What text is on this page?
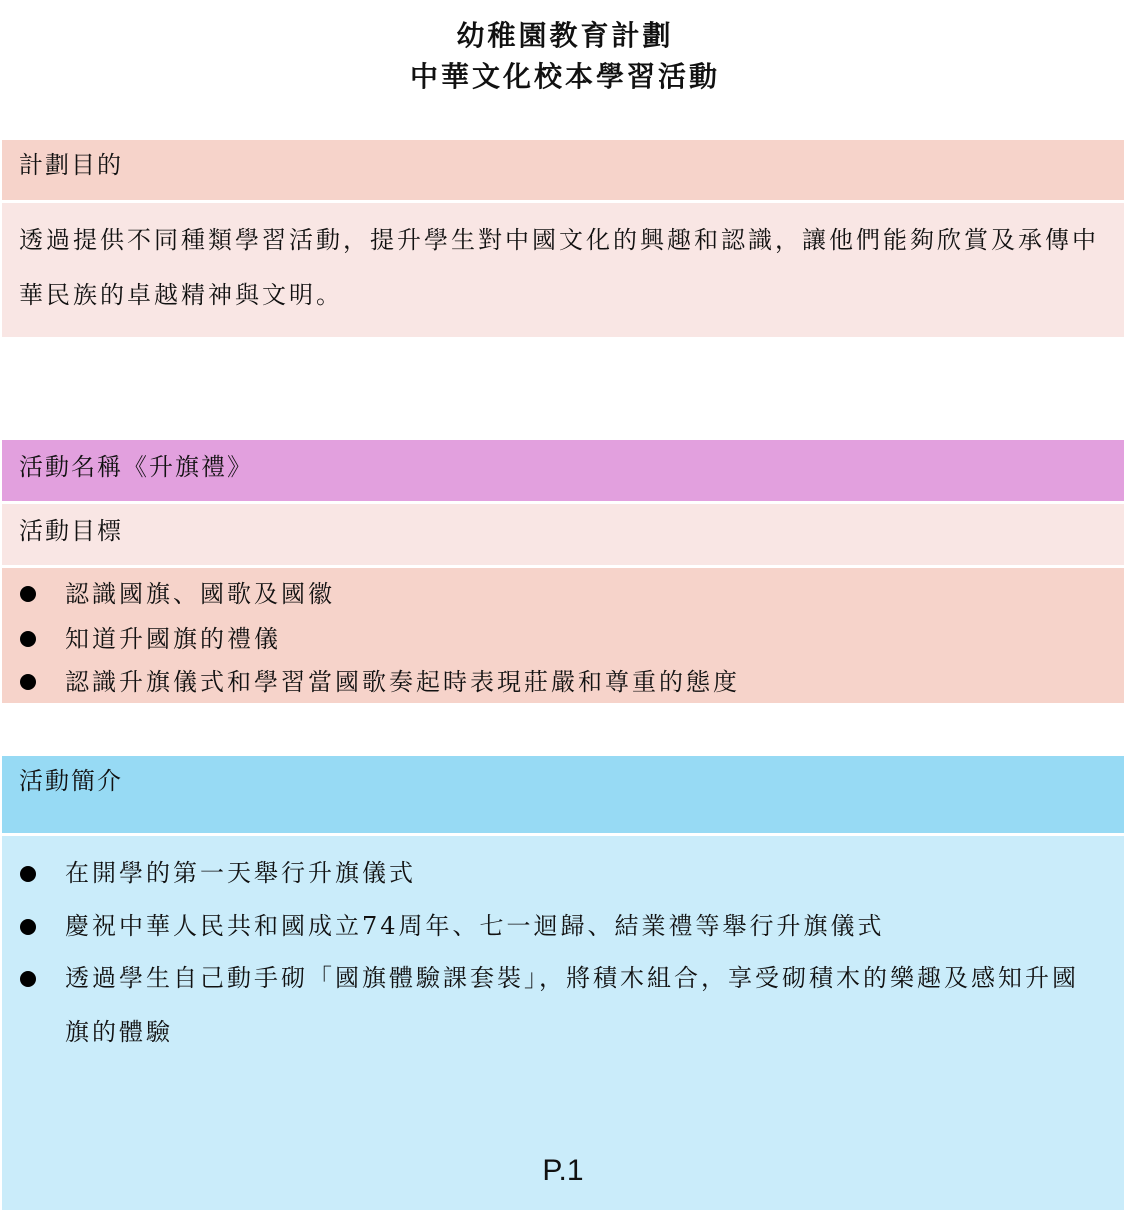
幼稚園教育計劃
中華文化校本學習活動
計劃目的
透過提供不同種類學習活動，提升學生對中國文化的興趣和認識，讓他們能夠欣賞及承傳中華民族的卓越精神與文明。
活動名稱《升旗禮》
活動目標
認識國旗、國歌及國徽
知道升國旗的禮儀
認識升旗儀式和學習當國歌奏起時表現莊嚴和尊重的態度
活動簡介
在開學的第一天舉行升旗儀式
慶祝中華人民共和國成立74周年、七一迴歸、結業禮等舉行升旗儀式
透過學生自己動手砌「國旗體驗課套裝」，將積木組合，享受砌積木的樂趣及感知升國旗的體驗
P.1
